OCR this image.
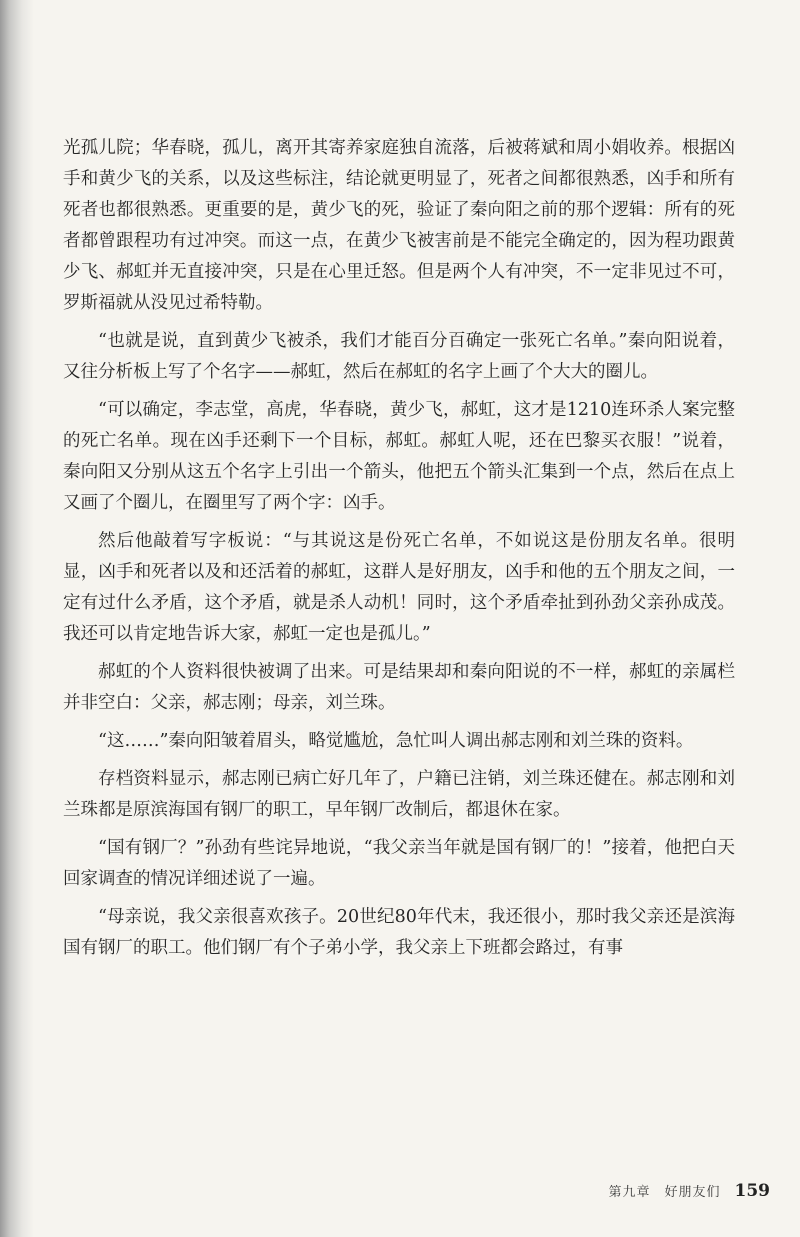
光孤儿院；华春晓，孤儿，离开其寄养家庭独自流落，后被蒋斌和周小娟收养。根据凶手和黄少飞的关系，以及这些标注，结论就更明显了，死者之间都很熟悉，凶手和所有死者也都很熟悉。更重要的是，黄少飞的死，验证了秦向阳之前的那个逻辑：所有的死者都曾跟程功有过冲突。而这一点，在黄少飞被害前是不能完全确定的，因为程功跟黄少飞、郝虹并无直接冲突，只是在心里迁怒。但是两个人有冲突，不一定非见过不可，罗斯福就从没见过希特勒。

“也就是说，直到黄少飞被杀，我们才能百分百确定一张死亡名单。”秦向阳说着，又往分析板上写了个名字——郝虹，然后在郝虹的名字上画了个大大的圈儿。

“可以确定，李志堂，高虎，华春晓，黄少飞，郝虹，这才是1210连环杀人案完整的死亡名单。现在凶手还剩下一个目标，郝虹。郝虹人呢，还在巴黎买衣服！”说着，秦向阳又分别从这五个名字上引出一个箭头，他把五个箭头汇集到一个点，然后在点上又画了个圈儿，在圈里写了两个字：凶手。

然后他敲着写字板说：“与其说这是份死亡名单，不如说这是份朋友名单。很明显，凶手和死者以及和还活着的郝虹，这群人是好朋友，凶手和他的五个朋友之间，一定有过什么矛盾，这个矛盾，就是杀人动机！同时，这个矛盾牵扯到孙劲父亲孙成茂。我还可以肯定地告诉大家，郝虹一定也是孤儿。”

郝虹的个人资料很快被调了出来。可是结果却和秦向阳说的不一样，郝虹的亲属栏并非空白：父亲，郝志刚；母亲，刘兰珠。

“这……”秦向阳皱着眉头，略觉尴尬，急忙叫人调出郝志刚和刘兰珠的资料。

存档资料显示，郝志刚已病亡好几年了，户籍已注销，刘兰珠还健在。郝志刚和刘兰珠都是原滨海国有钢厂的职工，早年钢厂改制后，都退休在家。

“国有钢厂？”孙劲有些诧异地说，“我父亲当年就是国有钢厂的！”接着，他把白天回家调查的情况详细述说了一遍。

“母亲说，我父亲很喜欢孩子。20世纪80年代末，我还很小，那时我父亲还是滨海国有钢厂的职工。他们钢厂有个子弟小学，我父亲上下班都会路过，有事

第九章　好朋友们 159
